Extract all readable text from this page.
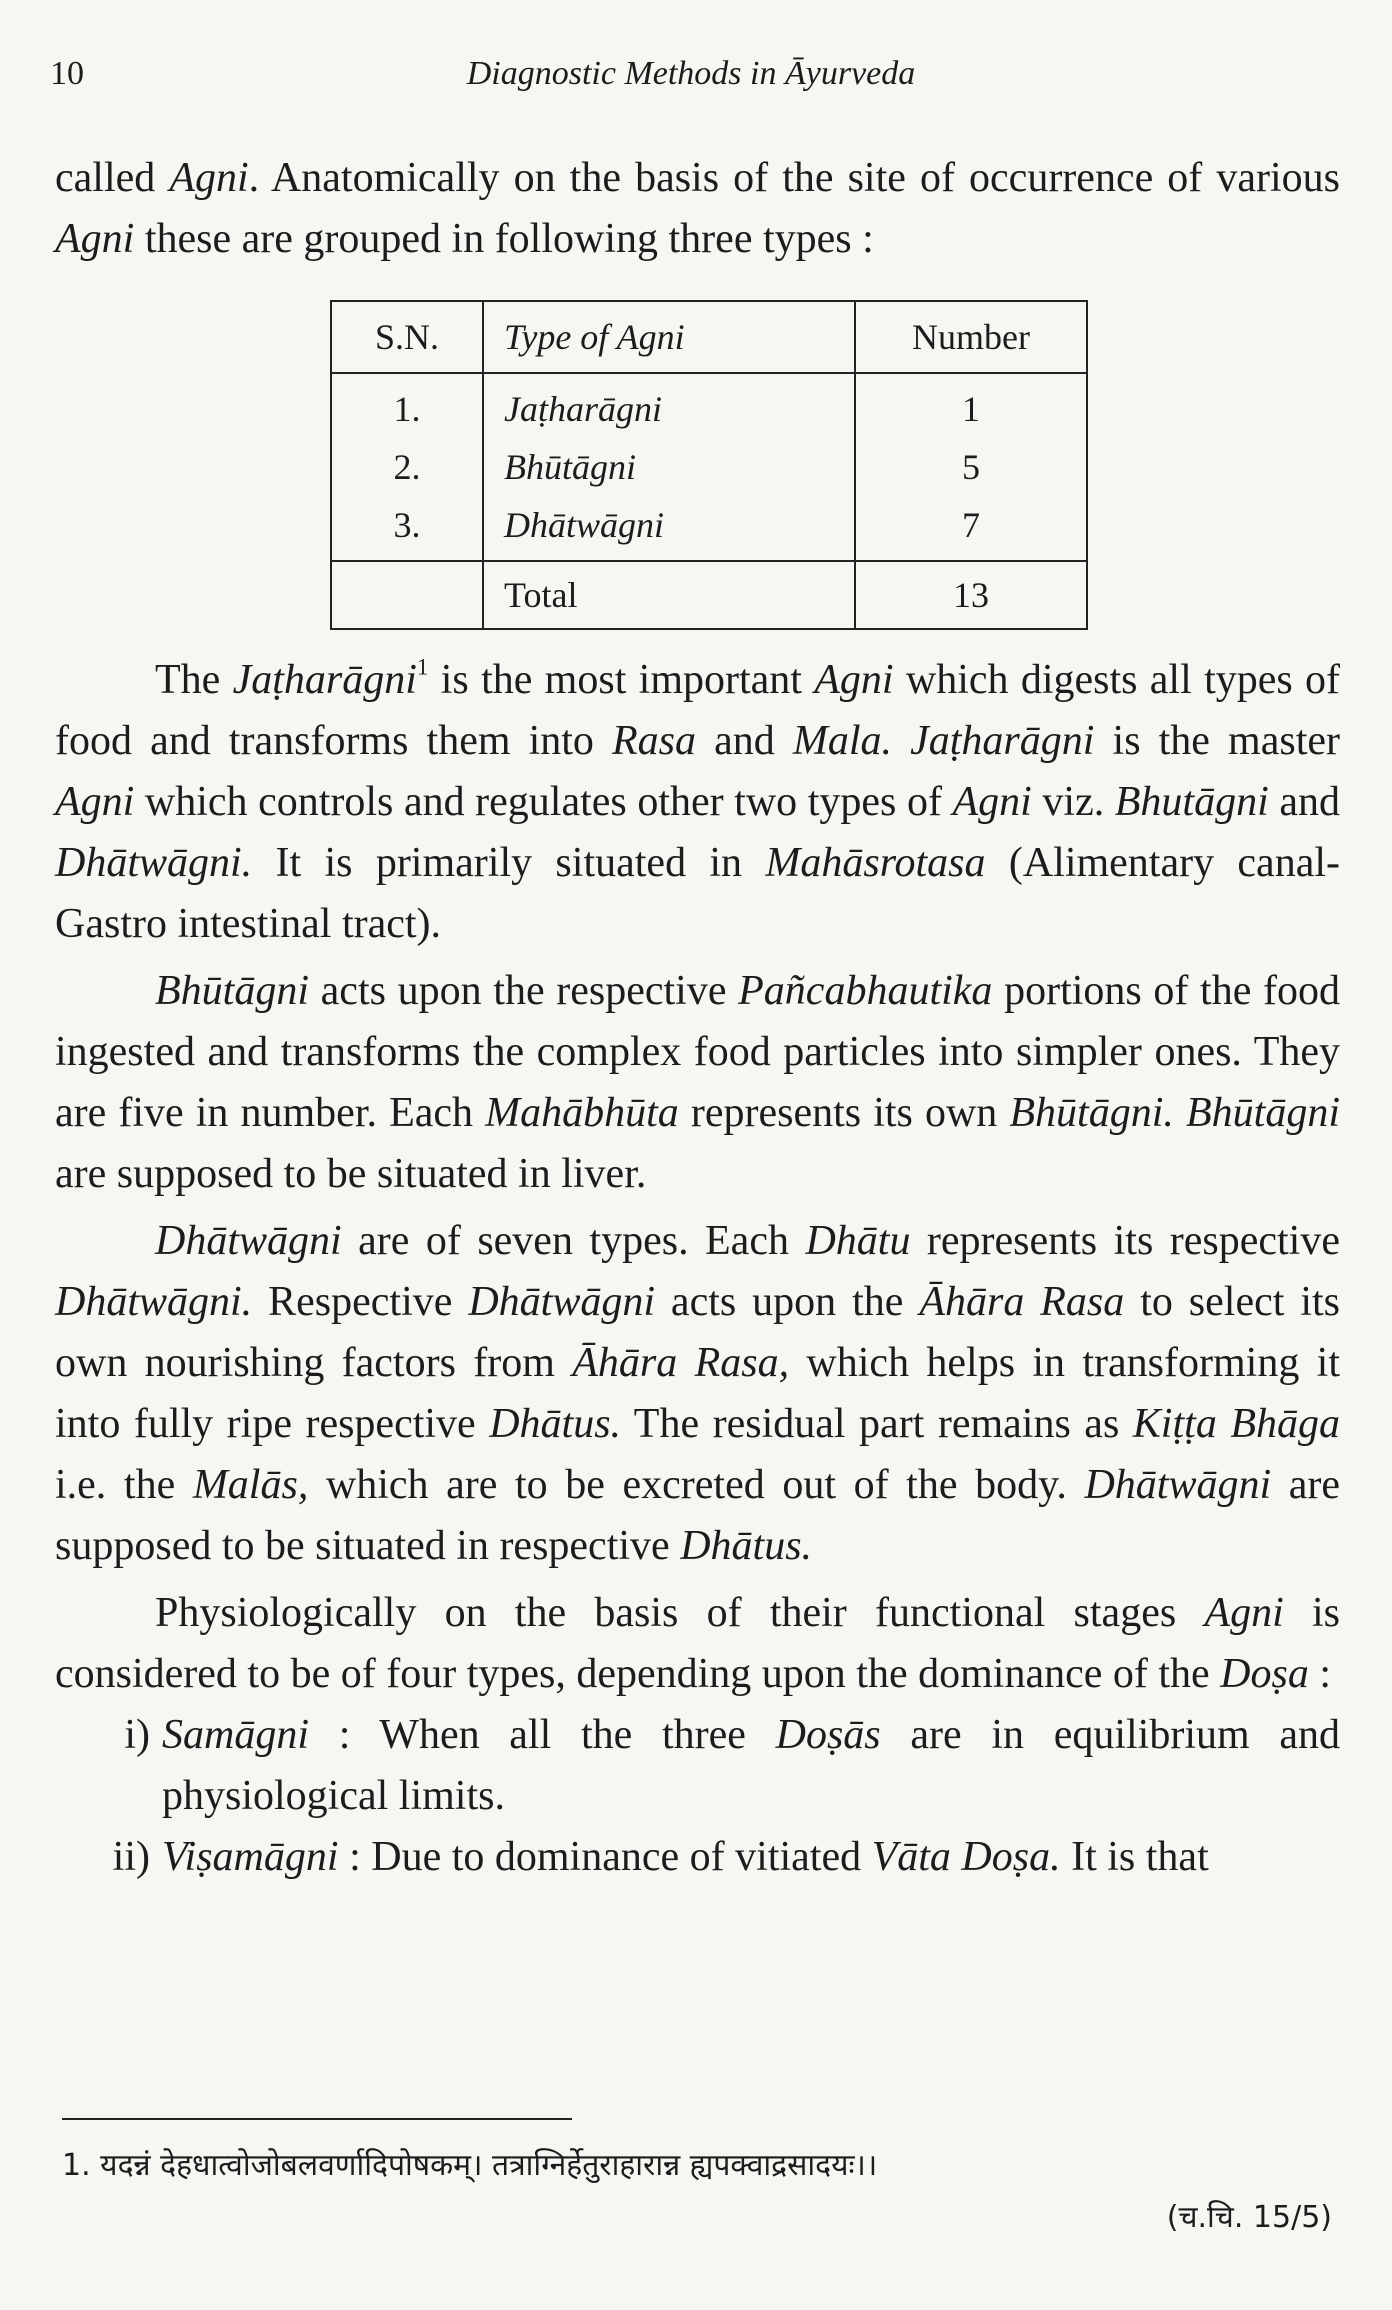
10	Diagnostic Methods in Āyurveda

called Agni. Anatomically on the basis of the site of occurrence of various Agni these are grouped in following three types :

S.N.	Type of Agni	Number
1.	Jaṭharāgni	1
2.	Bhūtāgni	5
3.	Dhātwāgni	7
	Total	13

The Jaṭharāgni$^1$ is the most important Agni which digests all types of food and transforms them into Rasa and Mala. Jaṭharāgni is the master Agni which controls and regulates other two types of Agni viz. Bhutāgni and Dhātwāgni. It is primarily situated in Mahāsrotasa (Alimentary canal-Gastro intestinal tract).

Bhūtāgni acts upon the respective Pañcabhautika portions of the food ingested and transforms the complex food particles into simpler ones. They are five in number. Each Mahābhūta represents its own Bhūtāgni. Bhūtāgni are supposed to be situated in liver.

Dhātwāgni are of seven types. Each Dhātu represents its respective Dhātwāgni. Respective Dhātwāgni acts upon the Āhāra Rasa to select its own nourishing factors from Āhāra Rasa, which helps in transforming it into fully ripe respective Dhātus. The residual part remains as Kiṭṭa Bhāga i.e. the Malās, which are to be excreted out of the body. Dhātwāgni are supposed to be situated in respective Dhātus.

Physiologically on the basis of their functional stages Agni is considered to be of four types, depending upon the dominance of the Doṣa :

i) Samāgni : When all the three Doṣās are in equilibrium and physiological limits.
ii) Viṣamāgni : Due to dominance of vitiated Vāta Doṣa. It is that
1. यदन्नं देहधात्वोजोबलवर्णादिपोषकम्। तत्राग्निर्हेतुराहारान्न ह्यपक्वाद्रसादयः।।
(च.चि. 15/5)
